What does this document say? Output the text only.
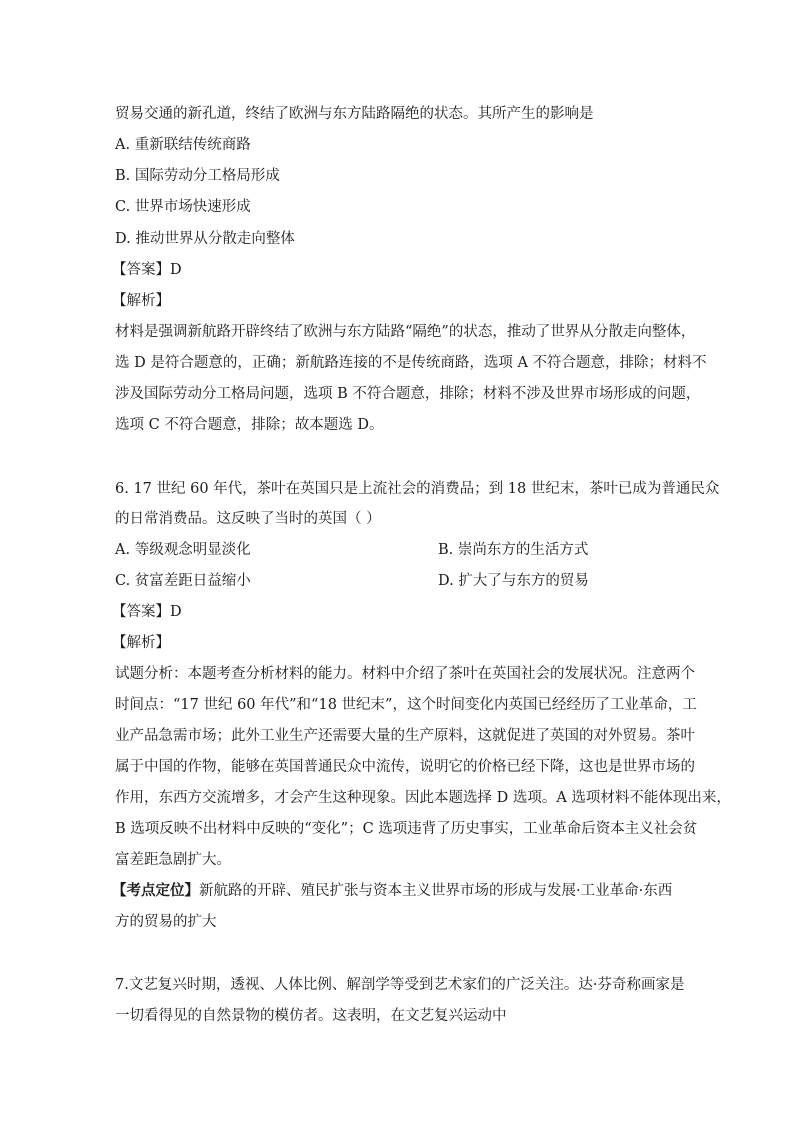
贸易交通的新孔道，终结了欧洲与东方陆路隔绝的状态。其所产生的影响是
A. 重新联结传统商路
B. 国际劳动分工格局形成
C. 世界市场快速形成
D. 推动世界从分散走向整体
【答案】D
【解析】
材料是强调新航路开辟终结了欧洲与东方陆路“隔绝”的状态，推动了世界从分散走向整体，
选 D 是符合题意的，正确；新航路连接的不是传统商路，选项 A 不符合题意，排除；材料不
涉及国际劳动分工格局问题，选项 B 不符合题意，排除；材料不涉及世界市场形成的问题，
选项 C 不符合题意，排除；故本题选 D。
6. 17 世纪 60 年代，茶叶在英国只是上流社会的消费品；到 18 世纪末，茶叶已成为普通民众
的日常消费品。这反映了当时的英国（ ）
A. 等级观念明显淡化	B. 崇尚东方的生活方式
C. 贫富差距日益缩小	D. 扩大了与东方的贸易
【答案】D
【解析】
试题分析：本题考查分析材料的能力。材料中介绍了茶叶在英国社会的发展状况。注意两个
时间点：“17 世纪 60 年代”和“18 世纪末”，这个时间变化内英国已经经历了工业革命，工
业产品急需市场；此外工业生产还需要大量的生产原料，这就促进了英国的对外贸易。茶叶
属于中国的作物，能够在英国普通民众中流传，说明它的价格已经下降，这也是世界市场的
作用，东西方交流增多，才会产生这种现象。因此本题选择 D 选项。A 选项材料不能体现出来，
B 选项反映不出材料中反映的“变化”；C 选项违背了历史事实，工业革命后资本主义社会贫
富差距急剧扩大。
【考点定位】新航路的开辟、殖民扩张与资本主义世界市场的形成与发展·工业革命·东西
方的贸易的扩大
7.文艺复兴时期，透视、人体比例、解剖学等受到艺术家们的广泛关注。达·芬奇称画家是
一切看得见的自然景物的模仿者。这表明，在文艺复兴运动中
